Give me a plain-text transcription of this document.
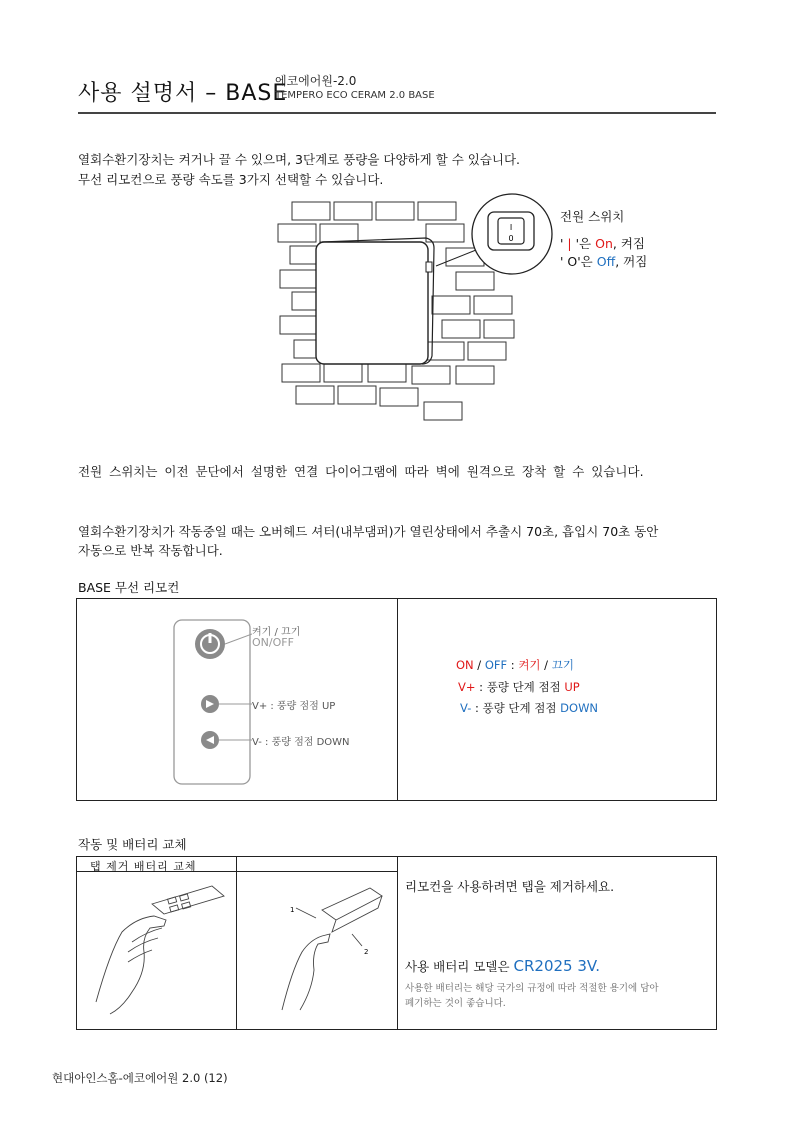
사용 설명서 – BASE
에코에어원-2.0
TEMPERO ECO CERAM 2.0 BASE
열회수환기장치는 켜거나 끌 수 있으며, 3단계로 풍량을 다양하게 할 수 있습니다.
무선 리모컨으로 풍량 속도를 3가지 선택할 수 있습니다.
I
0
전원 스위치
' | '은 On, 켜짐
' O'은 Off, 꺼짐
전원 스위치는 이전 문단에서 설명한 연결 다이어그램에 따라 벽에 원격으로 장착 할 수 있습니다.
열회수환기장치가 작동중일 때는 오버헤드 셔터(내부댐퍼)가 열린상태에서 추출시 70초, 흡입시 70초 동안
자동으로 반복 작동합니다.
BASE 무선 리모컨
켜기 / 끄기
ON/OFF
V+ : 풍량 점점 UP
V- : 풍량 점점 DOWN
ON / OFF : 켜기 / 끄기
V+ : 풍량 단계 점점 UP
V- : 풍량 단계 점점 DOWN
작동 및 배터리 교체
탭 제거 배터리 교체
1
2
리모컨을 사용하려면 탭을 제거하세요.
사용 배터리 모델은 CR2025 3V.
사용한 배터리는 해당 국가의 규정에 따라 적절한 용기에 담아
폐기하는 것이 좋습니다.
현대아인스홈-에코에어원 2.0 (12)
